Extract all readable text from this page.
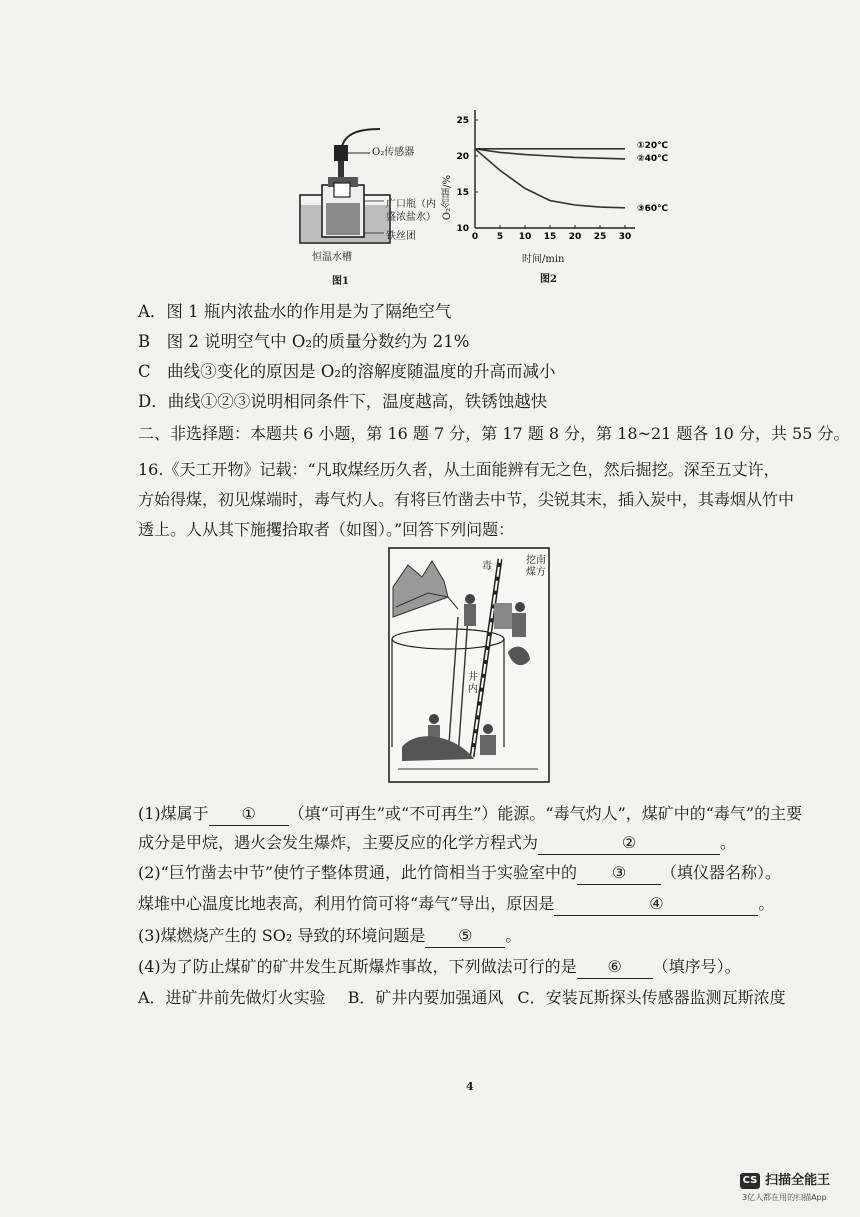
O₂传感器
广口瓶（内
盛浓盐水）
铁丝团
恒温水槽
图1
0 5 10 15 20 25 30
10
15
20
25
①20℃
②40℃
③60℃
时间/min
O₂含量/%
图2
A．图 1 瓶内浓盐水的作用是为了隔绝空气
B　图 2 说明空气中 O₂的质量分数约为 21%
C　曲线③变化的原因是 O₂的溶解度随温度的升高而减小
D．曲线①②③说明相同条件下，温度越高，铁锈蚀越快
二、非选择题：本题共 6 小题，第 16 题 7 分，第 17 题 8 分，第 18~21 题各 10 分，共 55 分。
16.《天工开物》记载：“凡取煤经历久者，从土面能辨有无之色，然后掘挖。深至五丈许，
方始得煤，初见煤端时，毒气灼人。有将巨竹凿去中节，尖锐其末，插入炭中，其毒烟从竹中
透上。人从其下施攫拾取者（如图）。”回答下列问题：
挖南
煤方
毒
井内
(1)煤属于 ① （填“可再生”或“不可再生”）能源。“毒气灼人”，煤矿中的“毒气”的主要
成分是甲烷，遇火会发生爆炸，主要反应的化学方程式为	②	。
(2)“巨竹凿去中节”使竹子整体贯通，此竹筒相当于实验室中的 ③ （填仪器名称）。
煤堆中心温度比地表高，利用竹筒可将“毒气”导出，原因是	④	。
(3)煤燃烧产生的 SO₂ 导致的环境问题是 ⑤ 。
(4)为了防止煤矿的矿井发生瓦斯爆炸事故，下列做法可行的是 ⑥ （填序号）。
A．进矿井前先做灯火实验 B．矿井内要加强通风 C．安装瓦斯探头传感器监测瓦斯浓度
4
CS 扫描全能王
3亿人都在用的扫描App
